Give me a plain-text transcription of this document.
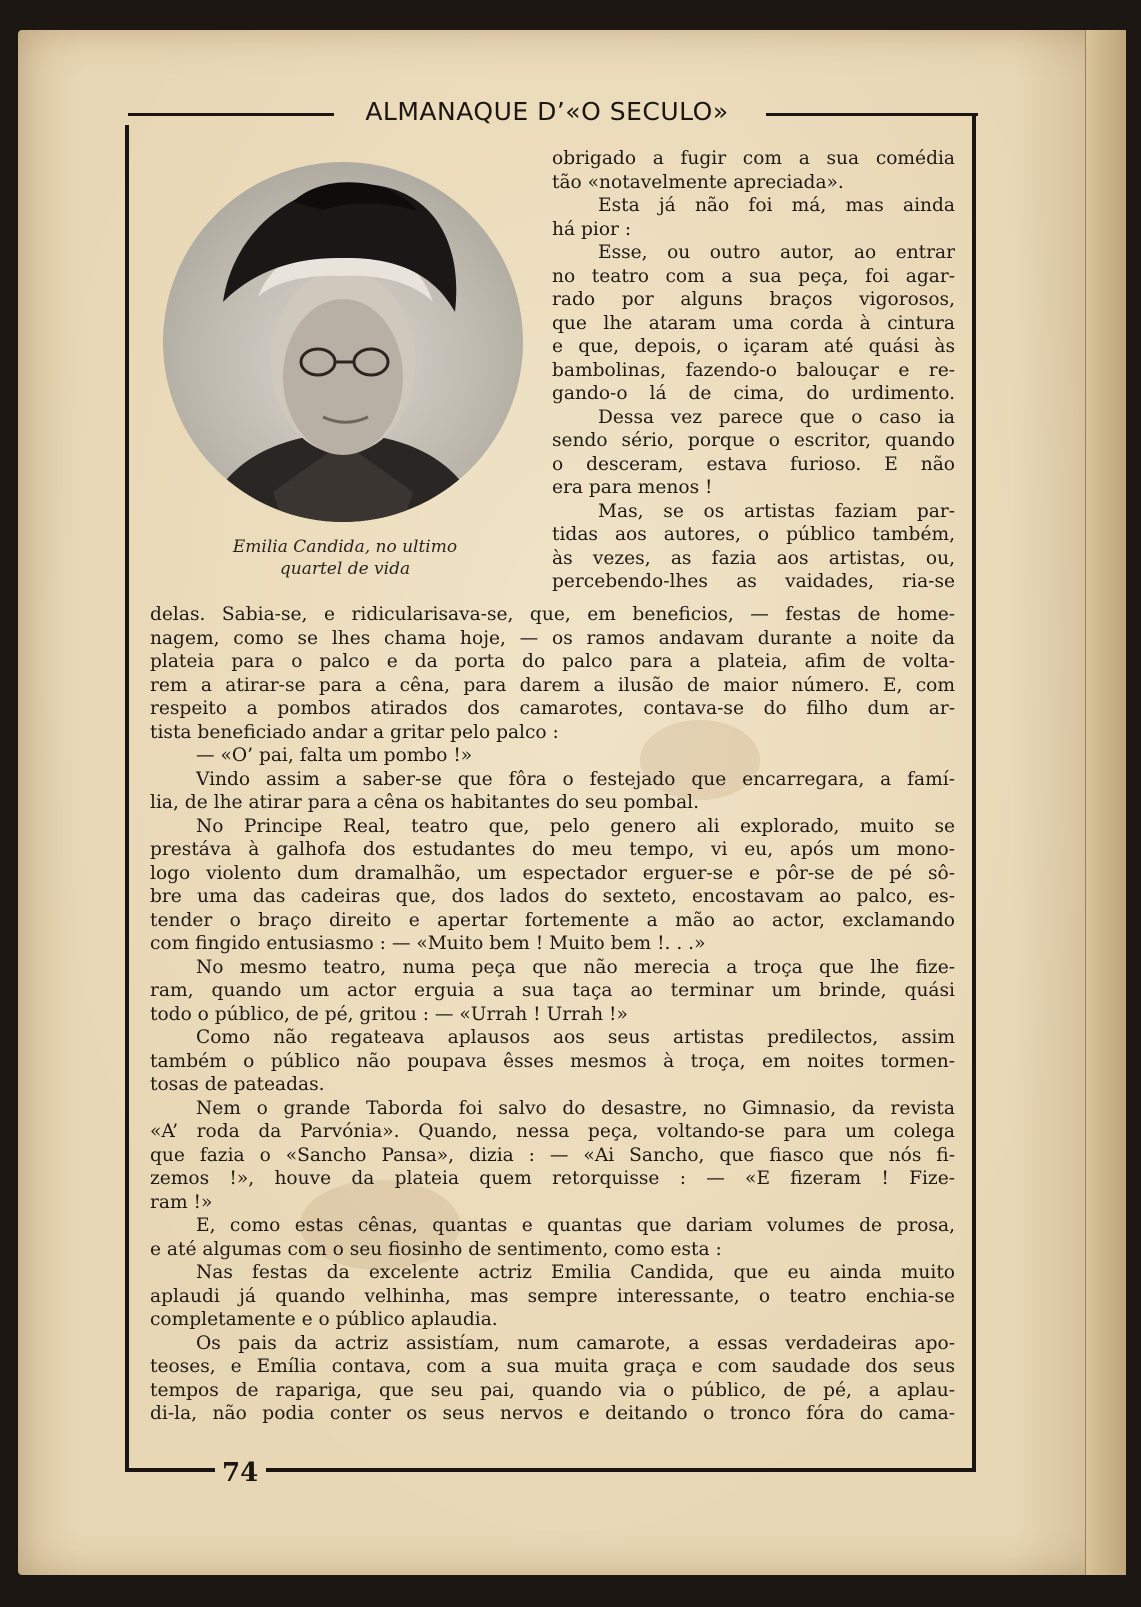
ALMANAQUE D’«O SECULO»
Emilia Candida, no ultimo
quartel de vida

obrigado a fugir com a sua comédia

tão «notavelmente apreciada».

Esta já não foi má, mas ainda

há pior :

Esse, ou outro autor, ao entrar

no teatro com a sua peça, foi agar-

rado por alguns braços vigorosos,

que lhe ataram uma corda à cintura

e que, depois, o içaram até quási às

bambolinas, fazendo-o balouçar e re-

gando-o lá de cima, do urdimento.

Dessa vez parece que o caso ia

sendo sério, porque o escritor, quando

o desceram, estava furioso. E não

era para menos !

Mas, se os artistas faziam par-

tidas aos autores, o público também,

às vezes, as fazia aos artistas, ou,

percebendo-lhes as vaidades, ria-se

delas. Sabia-se, e ridicularisava-se, que, em beneficios, — festas de home-

nagem, como se lhes chama hoje, — os ramos andavam durante a noite da

plateia para o palco e da porta do palco para a plateia, afim de volta-

rem a atirar-se para a cêna, para darem a ilusão de maior número. E, com

respeito a pombos atirados dos camarotes, contava-se do filho dum ar-

tista beneficiado andar a gritar pelo palco :

— «O’ pai, falta um pombo !»

Vindo assim a saber-se que fôra o festejado que encarregara, a famí-

lia, de lhe atirar para a cêna os habitantes do seu pombal.

No Principe Real, teatro que, pelo genero ali explorado, muito se

prestáva à galhofa dos estudantes do meu tempo, vi eu, após um mono-

logo violento dum dramalhão, um espectador erguer-se e pôr-se de pé sô-

bre uma das cadeiras que, dos lados do sexteto, encostavam ao palco, es-

tender o braço direito e apertar fortemente a mão ao actor, exclamando

com fingido entusiasmo : — «Muito bem ! Muito bem !. . .»

No mesmo teatro, numa peça que não merecia a troça que lhe fize-

ram, quando um actor erguia a sua taça ao terminar um brinde, quási

todo o público, de pé, gritou : — «Urrah ! Urrah !»

Como não regateava aplausos aos seus artistas predilectos, assim

também o público não poupava êsses mesmos à troça, em noites tormen-

tosas de pateadas.

Nem o grande Taborda foi salvo do desastre, no Gimnasio, da revista

«A’ roda da Parvónia». Quando, nessa peça, voltando-se para um colega

que fazia o «Sancho Pansa», dizia : — «Ai Sancho, que fiasco que nós fi-

zemos !», houve da plateia quem retorquisse : — «E fizeram ! Fize-

ram !»

E, como estas cênas, quantas e quantas que dariam volumes de prosa,

e até algumas com o seu fiosinho de sentimento, como esta :

Nas festas da excelente actriz Emilia Candida, que eu ainda muito

aplaudi já quando velhinha, mas sempre interessante, o teatro enchia-se

completamente e o público aplaudia.

Os pais da actriz assistíam, num camarote, a essas verdadeiras apo-

teoses, e Emília contava, com a sua muita graça e com saudade dos seus

tempos de rapariga, que seu pai, quando via o público, de pé, a aplau-

di-la, não podia conter os seus nervos e deitando o tronco fóra do cama-

74
